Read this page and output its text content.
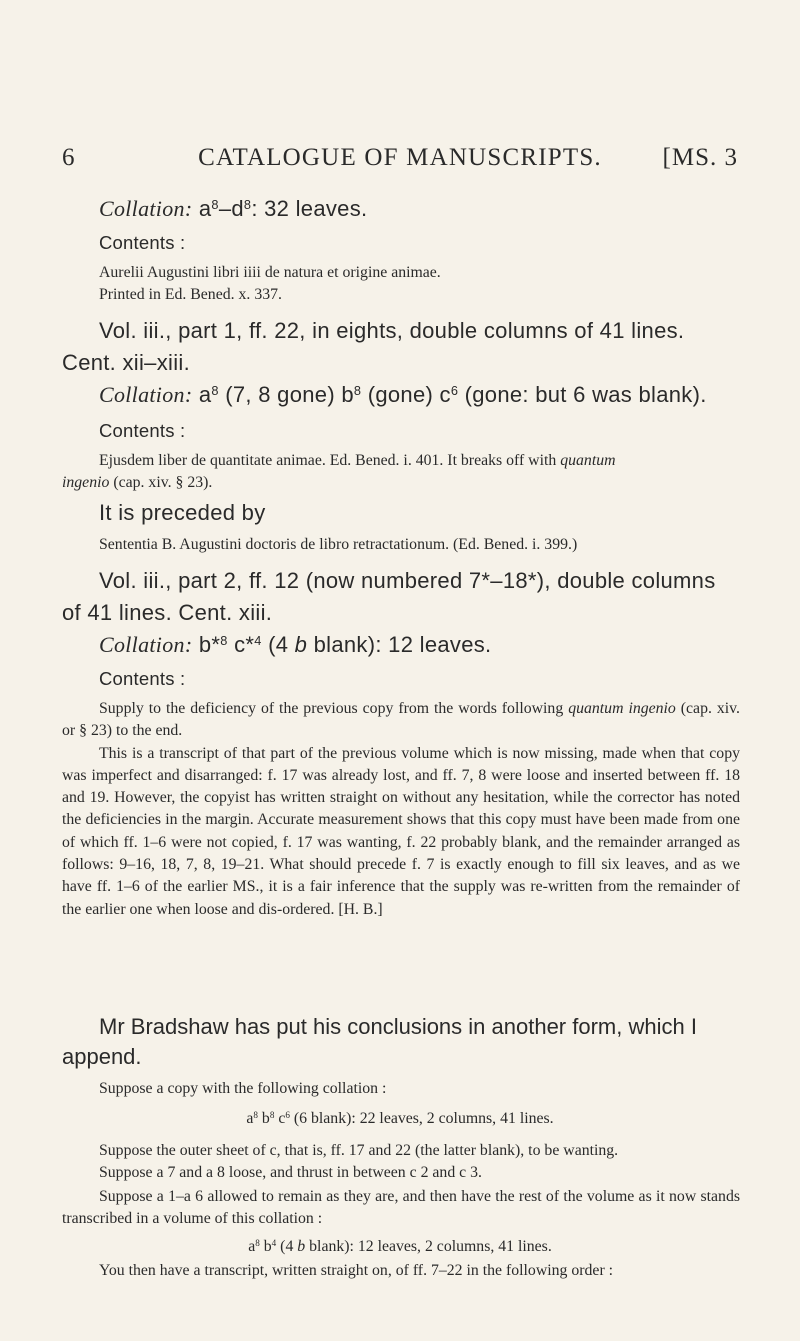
6	CATALOGUE OF MANUSCRIPTS.	[MS. 3
Collation: $a^8-d^8$: 32 leaves.
Contents :
Aurelii Augustini libri iiii de natura et origine animae.
Printed in Ed. Bened. x. 337.
Vol. iii., part 1, ff. 22, in eights, double columns of 41 lines.
Cent. xii–xiii.
Collation: $a^8$ (7, 8 gone) $b^8$ (gone) $c^6$ (gone: but 6 was blank).
Contents :
Ejusdem liber de quantitate animae. Ed. Bened. i. 401. It breaks off with quantum
ingenio (cap. xiv. § 23).
It is preceded by
Sententia B. Augustini doctoris de libro retractationum. (Ed. Bened. i. 399.)
Vol. iii., part 2, ff. 12 (now numbered 7*–18*), double columns
of 41 lines. Cent. xiii.
Collation: b*$^8$ c*$^4$ (4 b blank): 12 leaves.
Contents :

Supply to the deficiency of the previous copy from the words following quantum ingenio (cap. xiv. or § 23) to the end.

This is a transcript of that part of the previous volume which is now missing, made when that copy was imperfect and disarranged: f. 17 was already lost, and ff. 7, 8 were loose and inserted between ff. 18 and 19. However, the copyist has written straight on without any hesitation, while the corrector has noted the deficiencies in the margin. Accurate measurement shows that this copy must have been made from one of which ff. 1–6 were not copied, f. 17 was wanting, f. 22 probably blank, and the remainder arranged as follows: 9–16, 18, 7, 8, 19–21. What should precede f. 7 is exactly enough to fill six leaves, and as we have ff. 1–6 of the earlier MS., it is a fair inference that the supply was re-written from the remainder of the earlier one when loose and dis-ordered. [H. B.]

Mr Bradshaw has put his conclusions in another form, which I append.
Suppose a copy with the following collation :
$a^8$ $b^8$ $c^6$ (6 blank): 22 leaves, 2 columns, 41 lines.
Suppose the outer sheet of c, that is, ff. 17 and 22 (the latter blank), to be wanting.
Suppose a 7 and a 8 loose, and thrust in between c 2 and c 3.

Suppose a 1–a 6 allowed to remain as they are, and then have the rest of the volume as it now stands transcribed in a volume of this collation :

$a^8$ $b^4$ (4 b blank): 12 leaves, 2 columns, 41 lines.
You then have a transcript, written straight on, of ff. 7–22 in the following order :
